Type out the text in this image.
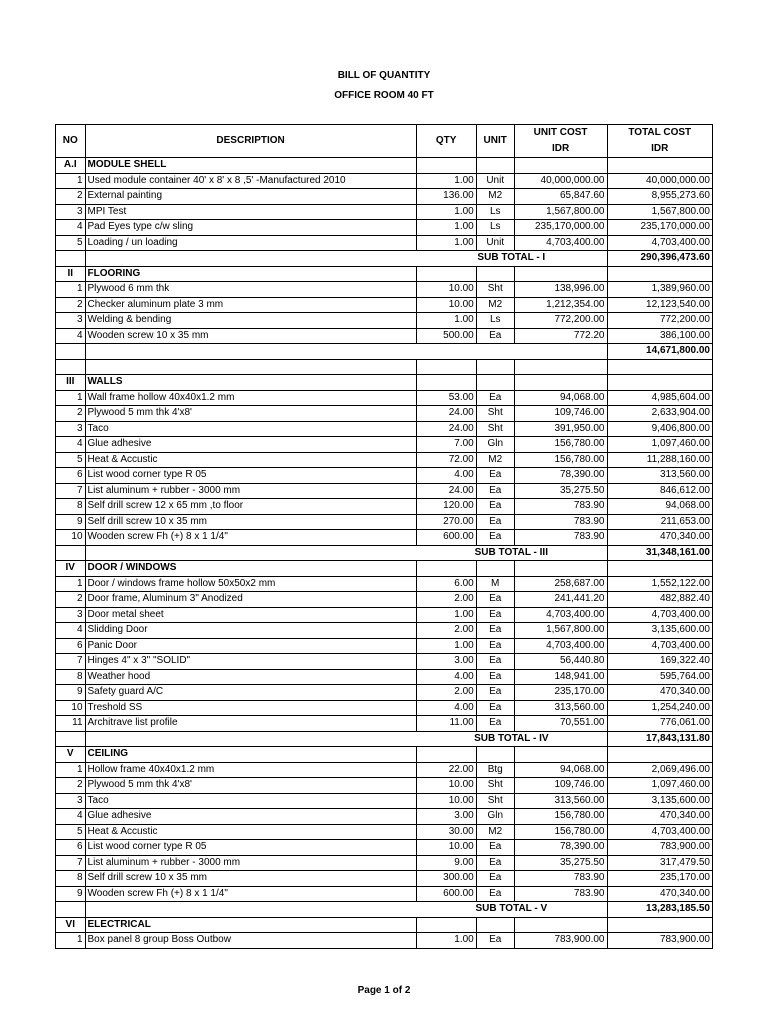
BILL OF QUANTITY
OFFICE ROOM 40 FT
NO	DESCRIPTION	QTY	UNIT	UNIT COST	TOTAL COST
				IDR	IDR
A.I	MODULE SHELL				
1	Used module container 40' x 8' x 8 ,5' -Manufactured 2010	1.00	Unit	40,000,000.00	40,000,000.00
2	External painting	136.00	M2	65,847.60	8,955,273.60
3	MPI Test	1.00	Ls	1,567,800.00	1,567,800.00
4	Pad Eyes type c/w sling	1.00	Ls	235,170,000.00	235,170,000.00
5	Loading / un loading	1.00	Unit	4,703,400.00	4,703,400.00
		SUB TOTAL - I			290,396,473.60
II	FLOORING				
1	Plywood 6 mm thk	10.00	Sht	138,996.00	1,389,960.00
2	Checker aluminum plate 3 mm	10.00	M2	1,212,354.00	12,123,540.00
3	Welding & bending	1.00	Ls	772,200.00	772,200.00
4	Wooden screw 10 x 35 mm	500.00	Ea	772.20	386,100.00
					14,671,800.00

III	WALLS				
1	Wall frame hollow 40x40x1.2 mm	53.00	Ea	94,068.00	4,985,604.00
2	Plywood 5 mm thk 4'x8'	24.00	Sht	109,746.00	2,633,904.00
3	Taco	24.00	Sht	391,950.00	9,406,800.00
4	Glue adhesive	7.00	Gln	156,780.00	1,097,460.00
5	Heat & Accustic	72.00	M2	156,780.00	11,288,160.00
6	List wood corner type R 05	4.00	Ea	78,390.00	313,560.00
7	List aluminum + rubber - 3000 mm	24.00	Ea	35,275.50	846,612.00
8	Self drill screw 12 x 65 mm ,to floor	120.00	Ea	783.90	94,068.00
9	Self drill screw 10 x 35 mm	270.00	Ea	783.90	211,653.00
10	Wooden screw Fh (+) 8 x 1 1/4"	600.00	Ea	783.90	470,340.00
		SUB TOTAL - III			31,348,161.00
IV	DOOR / WINDOWS				
1	Door / windows frame hollow 50x50x2 mm	6.00	M	258,687.00	1,552,122.00
2	Door frame, Aluminum 3" Anodized	2.00	Ea	241,441.20	482,882.40
3	Door metal sheet	1.00	Ea	4,703,400.00	4,703,400.00
4	Slidding Door	2.00	Ea	1,567,800.00	3,135,600.00
6	Panic Door	1.00	Ea	4,703,400.00	4,703,400.00
7	Hinges 4" x 3" "SOLID"	3.00	Ea	56,440.80	169,322.40
8	Weather hood	4.00	Ea	148,941.00	595,764.00
9	Safety guard A/C	2.00	Ea	235,170.00	470,340.00
10	Treshold SS	4.00	Ea	313,560.00	1,254,240.00
11	Architrave list profile	11.00	Ea	70,551.00	776,061.00
		SUB TOTAL - IV			17,843,131.80
V	CEILING				
1	Hollow frame 40x40x1.2 mm	22.00	Btg	94,068.00	2,069,496.00
2	Plywood 5 mm thk 4'x8'	10.00	Sht	109,746.00	1,097,460.00
3	Taco	10.00	Sht	313,560.00	3,135,600.00
4	Glue adhesive	3.00	Gln	156,780.00	470,340.00
5	Heat & Accustic	30.00	M2	156,780.00	4,703,400.00
6	List wood corner type R 05	10.00	Ea	78,390.00	783,900.00
7	List aluminum + rubber - 3000 mm	9.00	Ea	35,275.50	317,479.50
8	Self drill screw 10 x 35 mm	300.00	Ea	783.90	235,170.00
9	Wooden screw Fh (+) 8 x 1 1/4"	600.00	Ea	783.90	470,340.00
		SUB TOTAL - V			13,283,185.50
VI	ELECTRICAL				
1	Box panel 8 group Boss Outbow	1.00	Ea	783,900.00	783,900.00
Page 1 of 2
